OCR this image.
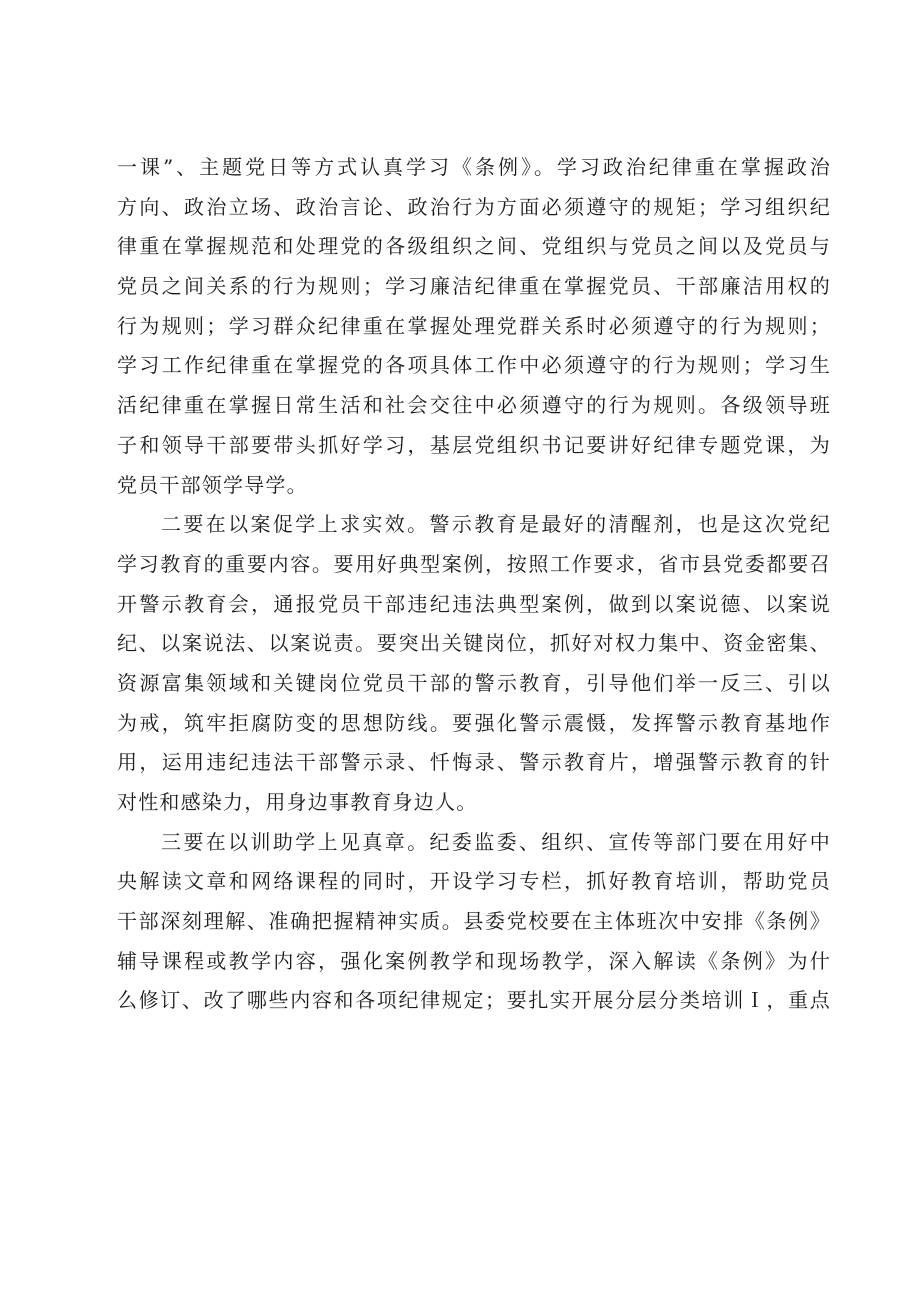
一课”、主题党日等方式认真学习《条例》。学习政治纪律重在掌握政治
方向、政治立场、政治言论、政治行为方面必须遵守的规矩；学习组织纪
律重在掌握规范和处理党的各级组织之间、党组织与党员之间以及党员与
党员之间关系的行为规则；学习廉洁纪律重在掌握党员、干部廉洁用权的
行为规则；学习群众纪律重在掌握处理党群关系时必须遵守的行为规则；
学习工作纪律重在掌握党的各项具体工作中必须遵守的行为规则；学习生
活纪律重在掌握日常生活和社会交往中必须遵守的行为规则。各级领导班
子和领导干部要带头抓好学习，基层党组织书记要讲好纪律专题党课，为
党员干部领学导学。
二要在以案促学上求实效。警示教育是最好的清醒剂，也是这次党纪
学习教育的重要内容。要用好典型案例，按照工作要求，省市县党委都要召
开警示教育会，通报党员干部违纪违法典型案例，做到以案说德、以案说
纪、以案说法、以案说责。要突出关键岗位，抓好对权力集中、资金密集、
资源富集领域和关键岗位党员干部的警示教育，引导他们举一反三、引以
为戒，筑牢拒腐防变的思想防线。要强化警示震慑，发挥警示教育基地作
用，运用违纪违法干部警示录、忏悔录、警示教育片，增强警示教育的针
对性和感染力，用身边事教育身边人。
三要在以训助学上见真章。纪委监委、组织、宣传等部门要在用好中
央解读文章和网络课程的同时，开设学习专栏，抓好教育培训，帮助党员
干部深刻理解、准确把握精神实质。县委党校要在主体班次中安排《条例》
辅导课程或教学内容，强化案例教学和现场教学，深入解读《条例》为什
么修订、改了哪些内容和各项纪律规定；要扎实开展分层分类培训Ｉ，重点
